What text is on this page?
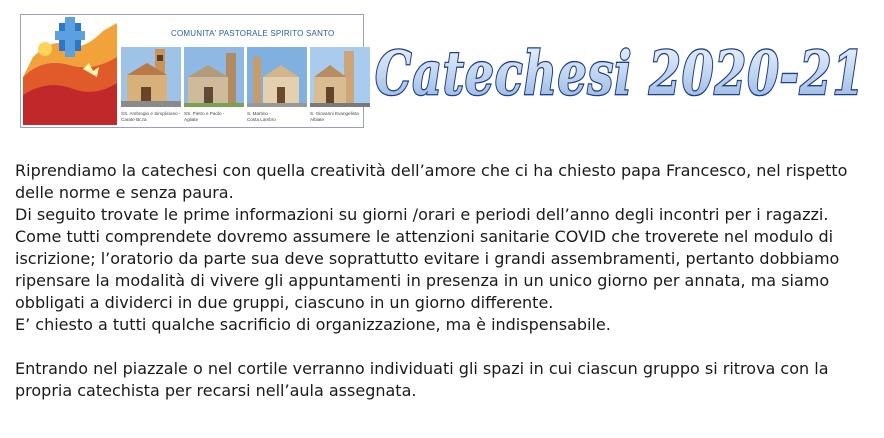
COMUNITA' PASTORALE SPIRITO SANTO
SS. Ambrogio e Simpliciano -
Carate Br.za
SS. Pietro e Paolo -
Agliate
S. Martino -
Costa Lambro
S. Giovanni Evangelista
Albiate
Catechesi 2020-21

Riprendiamo la catechesi con quella creatività dell’amore che ci ha chiesto papa Francesco, nel rispetto

delle norme e senza paura.

Di seguito trovate le prime informazioni su giorni /orari e periodi dell’anno degli incontri per i ragazzi.

Come tutti comprendete dovremo assumere le attenzioni sanitarie COVID che troverete nel modulo di

iscrizione; l’oratorio da parte sua deve soprattutto evitare i grandi assembramenti, pertanto dobbiamo

ripensare la modalità di vivere gli appuntamenti in presenza in un unico giorno per annata, ma siamo

obbligati a dividerci in due gruppi, ciascuno in un giorno differente.

E’ chiesto a tutti qualche sacrificio di organizzazione, ma è indispensabile.

Entrando nel piazzale o nel cortile verranno individuati gli spazi in cui ciascun gruppo si ritrova con la

propria catechista per recarsi nell’aula assegnata.
